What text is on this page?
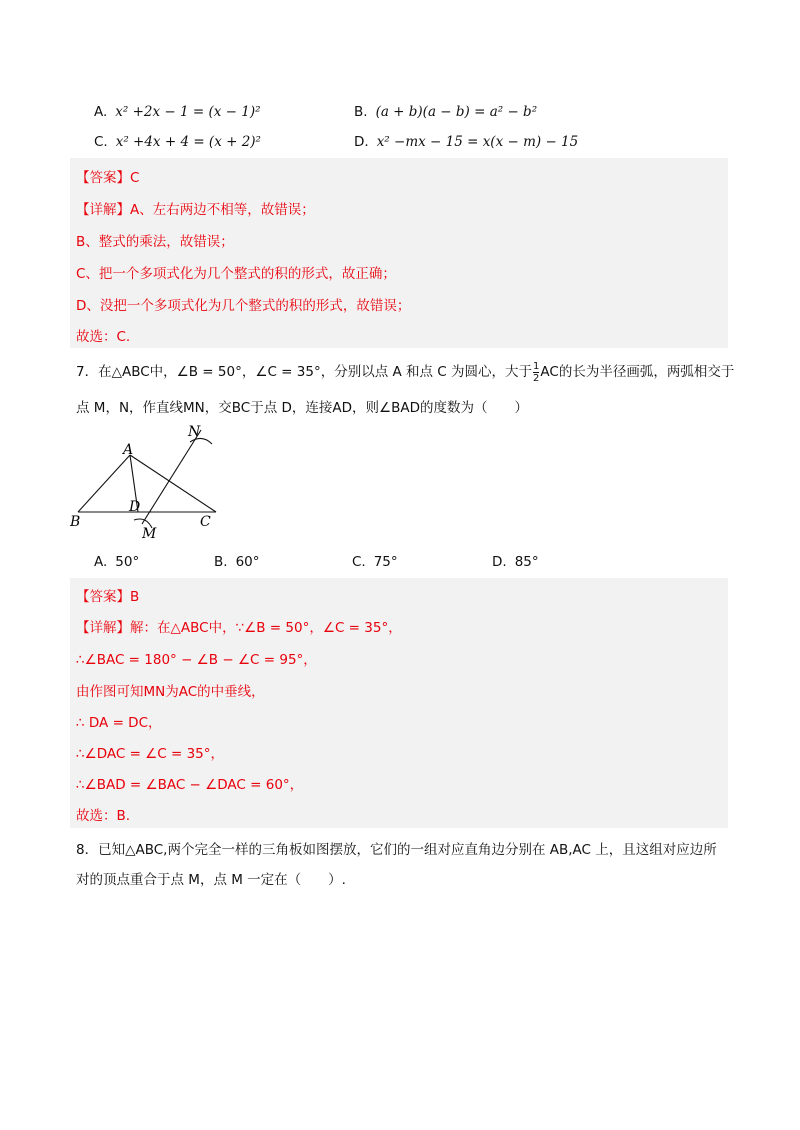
A. x² +2x − 1 = (x − 1)²	B. (a + b)(a − b) = a² − b²
C. x² +4x + 4 = (x + 2)²	D. x² −mx − 15 = x(x − m) − 15
【答案】C
【详解】A、左右两边不相等，故错误；
B、整式的乘法，故错误；
C、把一个多项式化为几个整式的积的形式，故正确；
D、没把一个多项式化为几个整式的积的形式，故错误；
故选：C.
7．在△ABC中，∠B = 50°，∠C = 35°，分别以点 A 和点 C 为圆心，大于 $\frac{1}{2}$ AC的长为半径画弧，两弧相交于
点 M，N，作直线MN，交BC于点 D，连接AD，则∠BAD的度数为（　　）
A
B	C
D
M
N
A. 50°	B. 60°	C. 75°	D. 85°
【答案】B
【详解】解：在△ABC中，∵∠B = 50°，∠C = 35°，
∴∠BAC = 180° − ∠B − ∠C = 95°，
由作图可知MN为AC的中垂线，
∴ DA = DC，
∴∠DAC = ∠C = 35°，
∴∠BAD = ∠BAC − ∠DAC = 60°，
故选：B.
8．已知△ABC,两个完全一样的三角板如图摆放，它们的一组对应直角边分别在 AB,AC 上，且这组对应边所
对的顶点重合于点 M，点 M 一定在（　　）.
